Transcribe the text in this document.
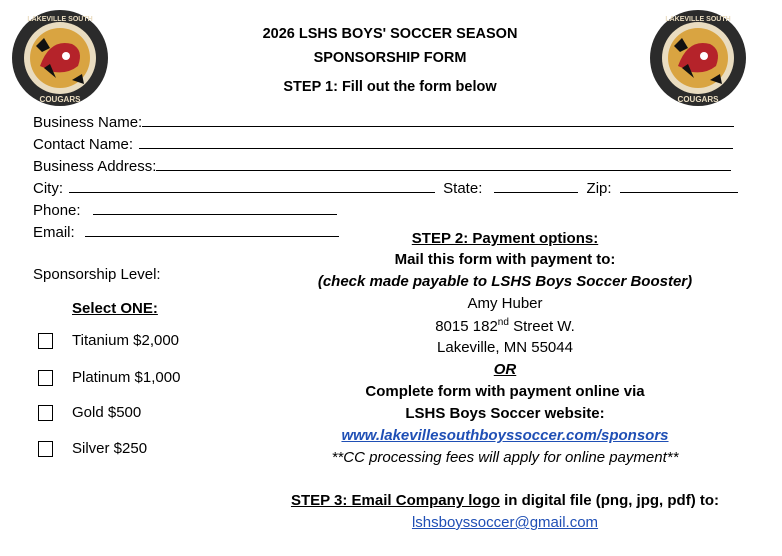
LAKEVILLE SOUTH
COUGARS
LAKEVILLE SOUTH
COUGARS
2026 LSHS BOYS' SOCCER SEASON
SPONSORSHIP FORM
STEP 1: Fill out the form below
Business Name:
Contact Name:
Business Address:
City:	State:	Zip:
Phone:
Email:
Sponsorship Level:
Select ONE:
Titanium $2,000
Platinum $1,000
Gold $500
Silver $250
STEP 2: Payment options:
Mail this form with payment to:
(check made payable to LSHS Boys Soccer Booster)
Amy Huber
8015 182nd Street W.
Lakeville, MN 55044
OR
Complete form with payment online via
LSHS Boys Soccer website:
www.lakevillesouthboyssoccer.com/sponsors
**CC processing fees will apply for online payment**
STEP 3: Email Company logo in digital file (png, jpg, pdf) to:
lshsboyssoccer@gmail.com
